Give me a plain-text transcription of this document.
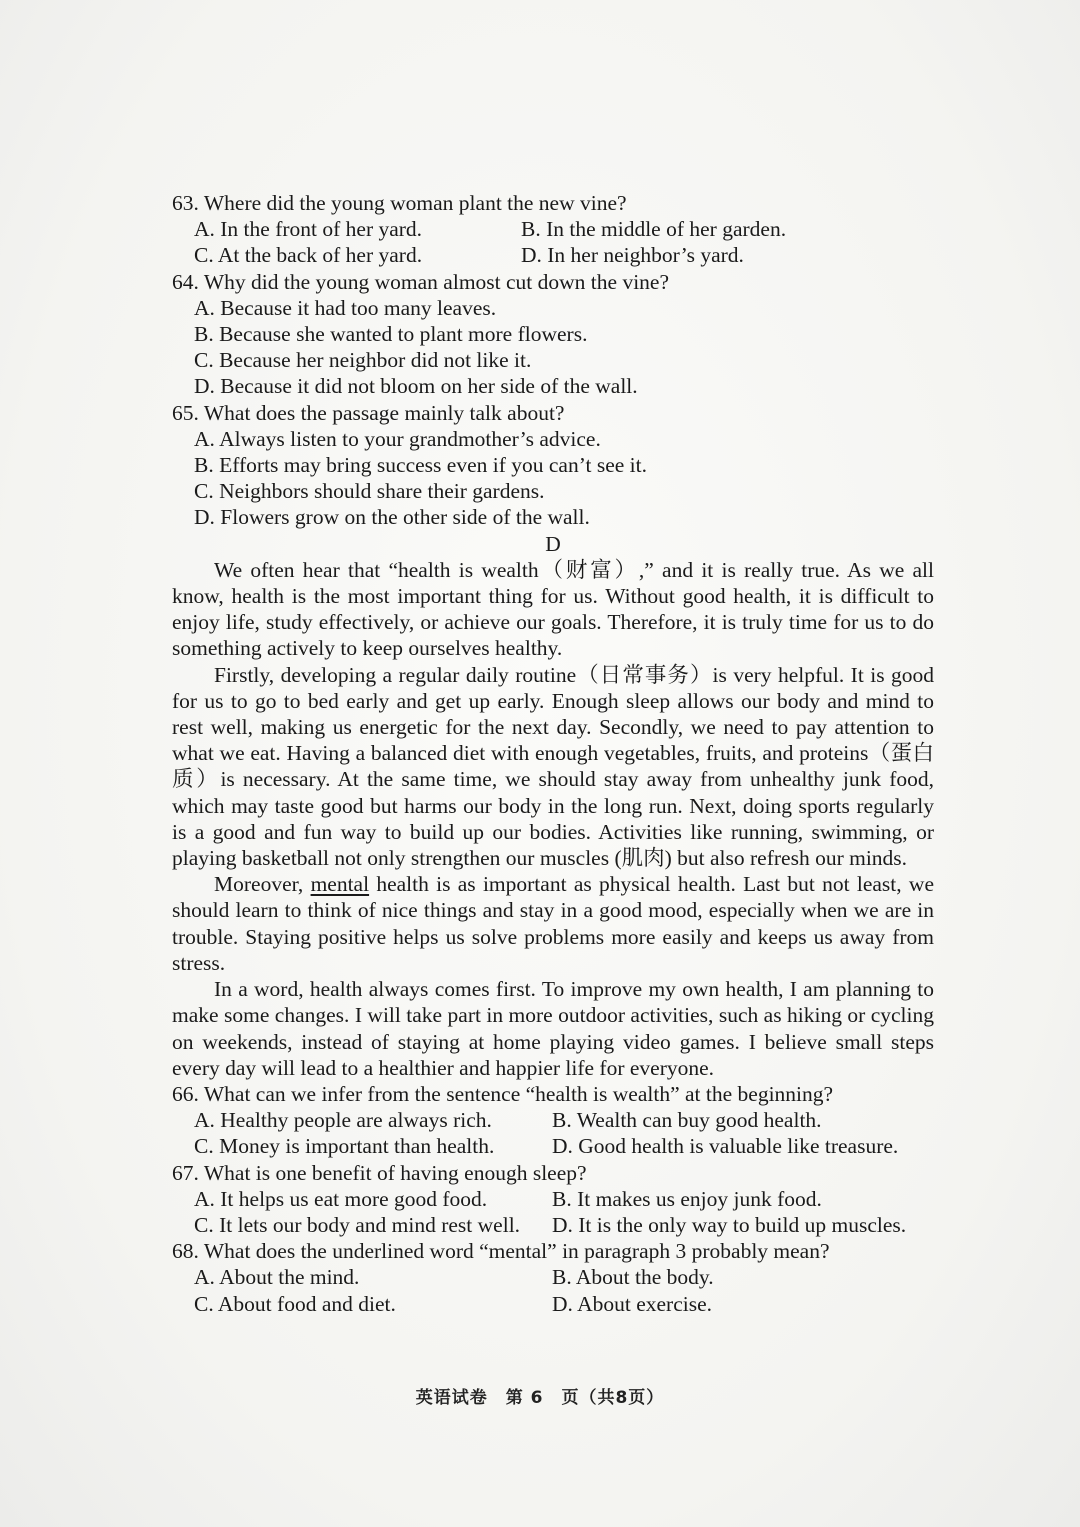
63. Where did the young woman plant the new vine?

A. In the front of her yard.	B. In the middle of her garden.
C. At the back of her yard.	D. In her neighbor’s yard.

64. Why did the young woman almost cut down the vine?

A. Because it had too many leaves.

B. Because she wanted to plant more flowers.

C. Because her neighbor did not like it.

D. Because it did not bloom on her side of the wall.

65. What does the passage mainly talk about?

A. Always listen to your grandmother’s advice.

B. Efforts may bring success even if you can’t see it.

C. Neighbors should share their gardens.

D. Flowers grow on the other side of the wall.

D

We often hear that “health is wealth（财富）,” and it is really true. As we all know, health is the most important thing for us. Without good health, it is difficult to enjoy life, study effectively, or achieve our goals. Therefore, it is truly time for us to do something actively to keep ourselves healthy.

Firstly, developing a regular daily routine（日常事务）is very helpful. It is good for us to go to bed early and get up early. Enough sleep allows our body and mind to rest well, making us energetic for the next day. Secondly, we need to pay attention to what we eat. Having a balanced diet with enough vegetables, fruits, and proteins（蛋白质）is necessary. At the same time, we should stay away from unhealthy junk food, which may taste good but harms our body in the long run. Next, doing sports regularly is a good and fun way to build up our bodies. Activities like running, swimming, or playing basketball not only strengthen our muscles (肌肉) but also refresh our minds.

Moreover, mental health is as important as physical health. Last but not least, we should learn to think of nice things and stay in a good mood, especially when we are in trouble. Staying positive helps us solve problems more easily and keeps us away from stress.

In a word, health always comes first. To improve my own health, I am planning to make some changes. I will take part in more outdoor activities, such as hiking or cycling on weekends, instead of staying at home playing video games. I believe small steps every day will lead to a healthier and happier life for everyone.

66. What can we infer from the sentence “health is wealth” at the beginning?

A. Healthy people are always rich.	B. Wealth can buy good health.
C. Money is important than health.	D. Good health is valuable like treasure.

67. What is one benefit of having enough sleep?

A. It helps us eat more good food.	B. It makes us enjoy junk food.
C. It lets our body and mind rest well.	D. It is the only way to build up muscles.

68. What does the underlined word “mental” in paragraph 3 probably mean?

A. About the mind.	B. About the body.
C. About food and diet.	D. About exercise.
英语试卷　第 6　页（共8页）
